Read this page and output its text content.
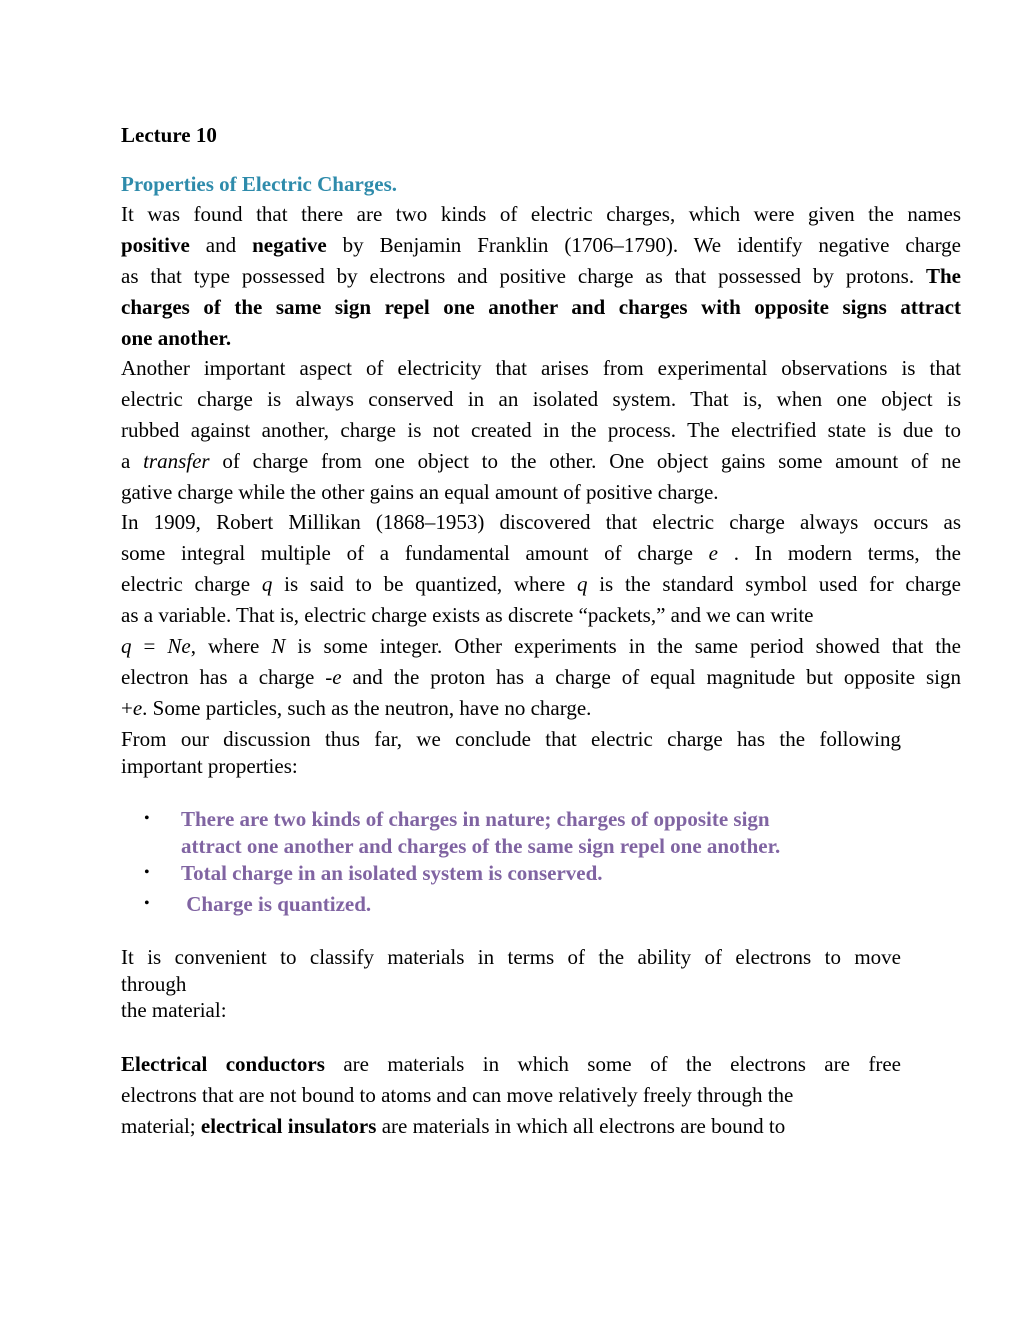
Lecture 10
Properties of Electric Charges.
It was found that there are two kinds of electric charges, which were given the names
positive and negative by Benjamin Franklin (1706–1790). We identify negative charge
as that type possessed by electrons and positive charge as that possessed by protons. The
charges of the same sign repel one another and charges with opposite signs attract
one another.
Another important aspect of electricity that arises from experimental observations is that
electric charge is always conserved in an isolated system. That is, when one object is
rubbed against another, charge is not created in the process. The electrified state is due to
a transfer of charge from one object to the other. One object gains some amount of ne
gative charge while the other gains an equal amount of positive charge.
In 1909, Robert Millikan (1868–1953) discovered that electric charge always occurs as
some integral multiple of a fundamental amount of charge e . In modern terms, the
electric charge q is said to be quantized, where q is the standard symbol used for charge
as a variable. That is, electric charge exists as discrete “packets,” and we can write
q = Ne, where N is some integer. Other experiments in the same period showed that the
electron has a charge -e and the proton has a charge of equal magnitude but opposite sign
+e. Some particles, such as the neutron, have no charge.
From our discussion thus far, we conclude that electric charge has the following
important properties:
• There are two kinds of charges in nature; charges of opposite sign
attract one another and charges of the same sign repel one another.
• Total charge in an isolated system is conserved.
• Charge is quantized.
It is convenient to classify materials in terms of the ability of electrons to move
through
the material:
Electrical conductors are materials in which some of the electrons are free
electrons that are not bound to atoms and can move relatively freely through the
material; electrical insulators are materials in which all electrons are bound to
